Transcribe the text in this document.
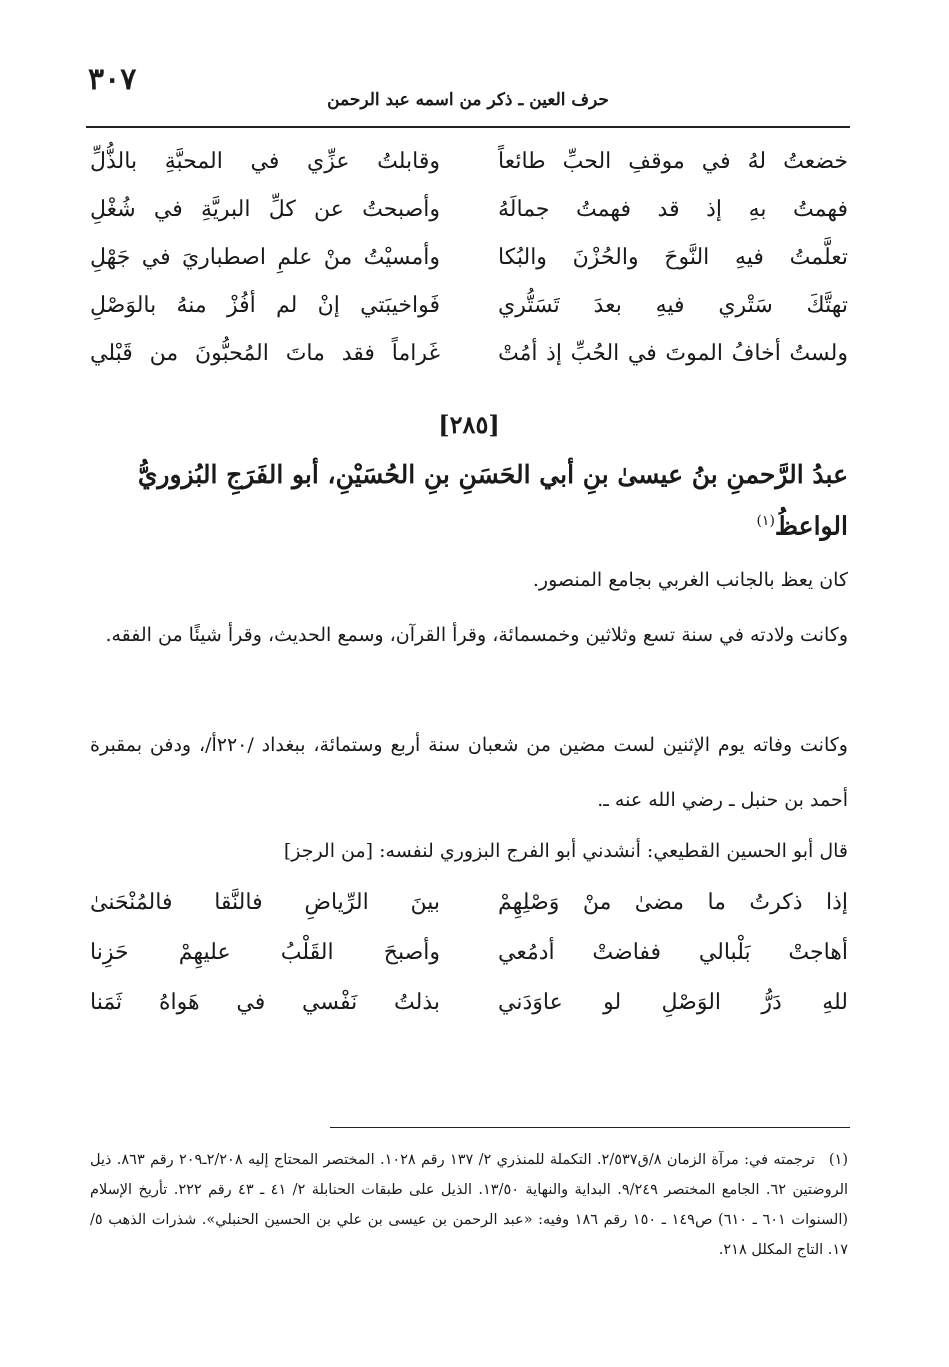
٣٠٧
حرف العين ـ ذكر من اسمه عبد الرحمن
خضعتُ لهُ في موقفِ الحبِّ طائعاً
وقابلتُ عزِّي في المحبَّةِ بالذُّلِّ
فهمتُ بهِ إذ قد فهمتُ جمالَهُ
وأصبحتُ عن كلِّ البريَّةِ في شُغْلِ
تعلَّمتُ فيهِ النَّوحَ والحُزْنَ والبُكا
وأمسيْتُ منْ علمِ اصطباريَ في جَهْلِ
تهتَّكَ سَتْري فيهِ بعدَ تَسَتُّري
فَواخيبَتي إنْ لم أفُزْ منهُ بالوَصْلِ
ولستُ أخافُ الموتَ في الحُبِّ إذ أمُتْ
غَراماً فقد ماتَ المُحبُّونَ من قَبْلي
[٢٨٥]
عبدُ الرَّحمنِ بنُ عيسىٰ بنِ أبي الحَسَنِ بنِ الحُسَيْنِ، أبو الفَرَجِ البُزوريُّ الواعظُ$^{(١)}$
كان يعظ بالجانب الغربي بجامع المنصور.
وكانت ولادته في سنة تسع وثلاثين وخمسمائة، وقرأ القرآن، وسمع الحديث، وقرأ شيئًا من الفقه.
وكانت وفاته يوم الإثنين لست مضين من شعبان سنة أربع وستمائة، ببغداد /٢٢٠أ/، ودفن بمقبرة أحمد بن حنبل ـ رضي الله عنه ـ.
قال أبو الحسين القطيعي: أنشدني أبو الفرج البزوري لنفسه: [من الرجز]
إذا ذكرتُ ما مضىٰ منْ وَصْلِهِمْ
بينَ الرِّياضِ فالنَّقا فالمُنْحَنىٰ
أهاجتْ بَلْبالي ففاضتْ أدمُعي
وأصبحَ القَلْبُ عليهِمْ حَزِنا
للهِ دَرُّ الوَصْلِ لو عاوَدَني
بذلتُ نَفْسي في هَواهُ ثَمَنا
(١)ترجمته في: مرآة الزمان ٨/ق٢/٥٣٧. التكملة للمنذري ٢/ ١٣٧ رقم ١٠٢٨. المختصر المحتاج إليه ٢/٢٠٨ـ٢٠٩ رقم ٨٦٣. ذيل الروضتين ٦٢. الجامع المختصر ٩/٢٤٩. البداية والنهاية ١٣/٥٠. الذيل على طبقات الحنابلة ٢/ ٤١ ـ ٤٣ رقم ٢٢٢. تأريخ الإسلام (السنوات ٦٠١ ـ ٦١٠) ص١٤٩ ـ ١٥٠ رقم ١٨٦ وفيه: «عبد الرحمن بن عيسى بن علي بن الحسين الحنبلي». شذرات الذهب ٥/ ١٧. التاج المكلل ٢١٨.
